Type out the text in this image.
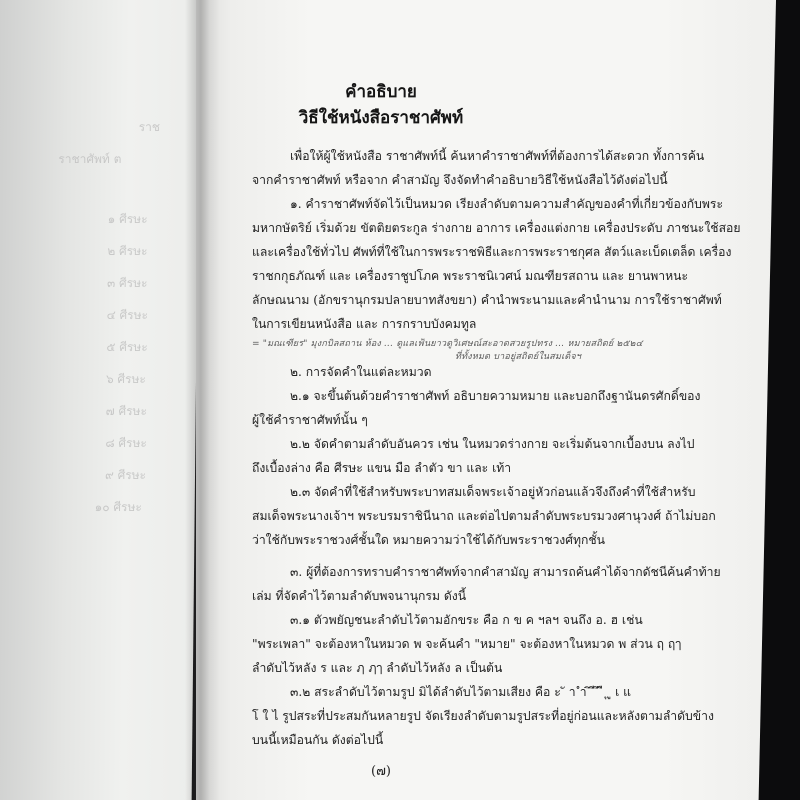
ราช
ราชาศัพท์ ต
๑ ศีรษะ
๒ ศีรษะ
๓ ศีรษะ
๔ ศีรษะ
๕ ศีรษะ
๖ ศีรษะ
๗ ศีรษะ
๘ ศีรษะ
๙ ศีรษะ
๑๐ ศีรษะ
คำอธิบาย
วิธีใช้หนังสือราชาศัพท์
เพื่อให้ผู้ใช้หนังสือ ราชาศัพท์นี้ ค้นหาคำราชาศัพท์ที่ต้องการได้สะดวก ทั้งการค้น
จากคำราชาศัพท์ หรือจาก คำสามัญ จึงจัดทำคำอธิบายวิธีใช้หนังสือไว้ดังต่อไปนี้
๑. คำราชาศัพท์จัดไว้เป็นหมวด เรียงลำดับตามความสำคัญของคำที่เกี่ยวข้องกับพระ
มหากษัตริย์ เริ่มด้วย ขัตติยตระกูล ร่างกาย อาการ เครื่องแต่งกาย เครื่องประดับ ภาชนะใช้สอย
และเครื่องใช้ทั่วไป ศัพท์ที่ใช้ในการพระราชพิธีและการพระราชกุศล สัตว์และเบ็ดเตล็ด เครื่อง
ราชกกุธภัณฑ์ และ เครื่องราชูปโภค พระราชนิเวศน์ มณฑียรสถาน และ ยานพาหนะ
ลักษณนาม (อักขรานุกรมปลายบาทสังขยา) คำนำพระนามและคำนำนาม การใช้ราชาศัพท์
ในการเขียนหนังสือ และ การกราบบังคมทูล
= "มณเฑียร" มุงกบิลสถาน ห้อง ... ดูแลเฟ้นยาวดูวิเศษณ์สะอาดสวยรูปทรง ... หมายสถิตย์ ๒๕๒๔
ที่ทั้งหมด บาอยู่สถิตย์ในสมเด็จฯ
๒. การจัดคำในแต่ละหมวด
๒.๑ จะขึ้นต้นด้วยคำราชาศัพท์ อธิบายความหมาย และบอกถึงฐานันดรศักดิ์ของ
ผู้ใช้คำราชาศัพท์นั้น ๆ
๒.๒ จัดคำตามลำดับอันควร เช่น ในหมวดร่างกาย จะเริ่มต้นจากเบื้องบน ลงไป
ถึงเบื้องล่าง คือ ศีรษะ แขน มือ ลำตัว ขา และ เท้า
๒.๓ จัดคำที่ใช้สำหรับพระบาทสมเด็จพระเจ้าอยู่หัวก่อนแล้วจึงถึงคำที่ใช้สำหรับ
สมเด็จพระนางเจ้าฯ พระบรมราชินีนาถ และต่อไปตามลำดับพระบรมวงศานุวงศ์ ถ้าไม่บอก
ว่าใช้กับพระราชวงศ์ชั้นใด หมายความว่าใช้ได้กับพระราชวงศ์ทุกชั้น
๓. ผู้ที่ต้องการทราบคำราชาศัพท์จากคำสามัญ สามารถค้นคำได้จากดัชนีค้นคำท้าย
เล่ม ที่จัดคำไว้ตามลำดับพจนานุกรม ดังนี้
๓.๑ ตัวพยัญชนะลำดับไว้ตามอักขระ คือ ก ข ค ฯลฯ จนถึง อ. ฮ เช่น
"พระเพลา" จะต้องหาในหมวด พ จะค้นคำ "หมาย" จะต้องหาในหมวด พ ส่วน ฤ ฤๅ
ลำดับไว้หลัง ร และ ฦ ฦๅ ลำดับไว้หลัง ล เป็นต้น
๓.๒ สระลำดับไว้ตามรูป มิได้ลำดับไว้ตามเสียง คือ ะ ั า ำ ิ ี ึ ื ุ ู เ แ
โ ใ ไ รูปสระที่ประสมกันหลายรูป จัดเรียงลำดับตามรูปสระที่อยู่ก่อนและหลังตามลำดับข้าง
บนนี้เหมือนกัน ดังต่อไปนี้
(๗)
